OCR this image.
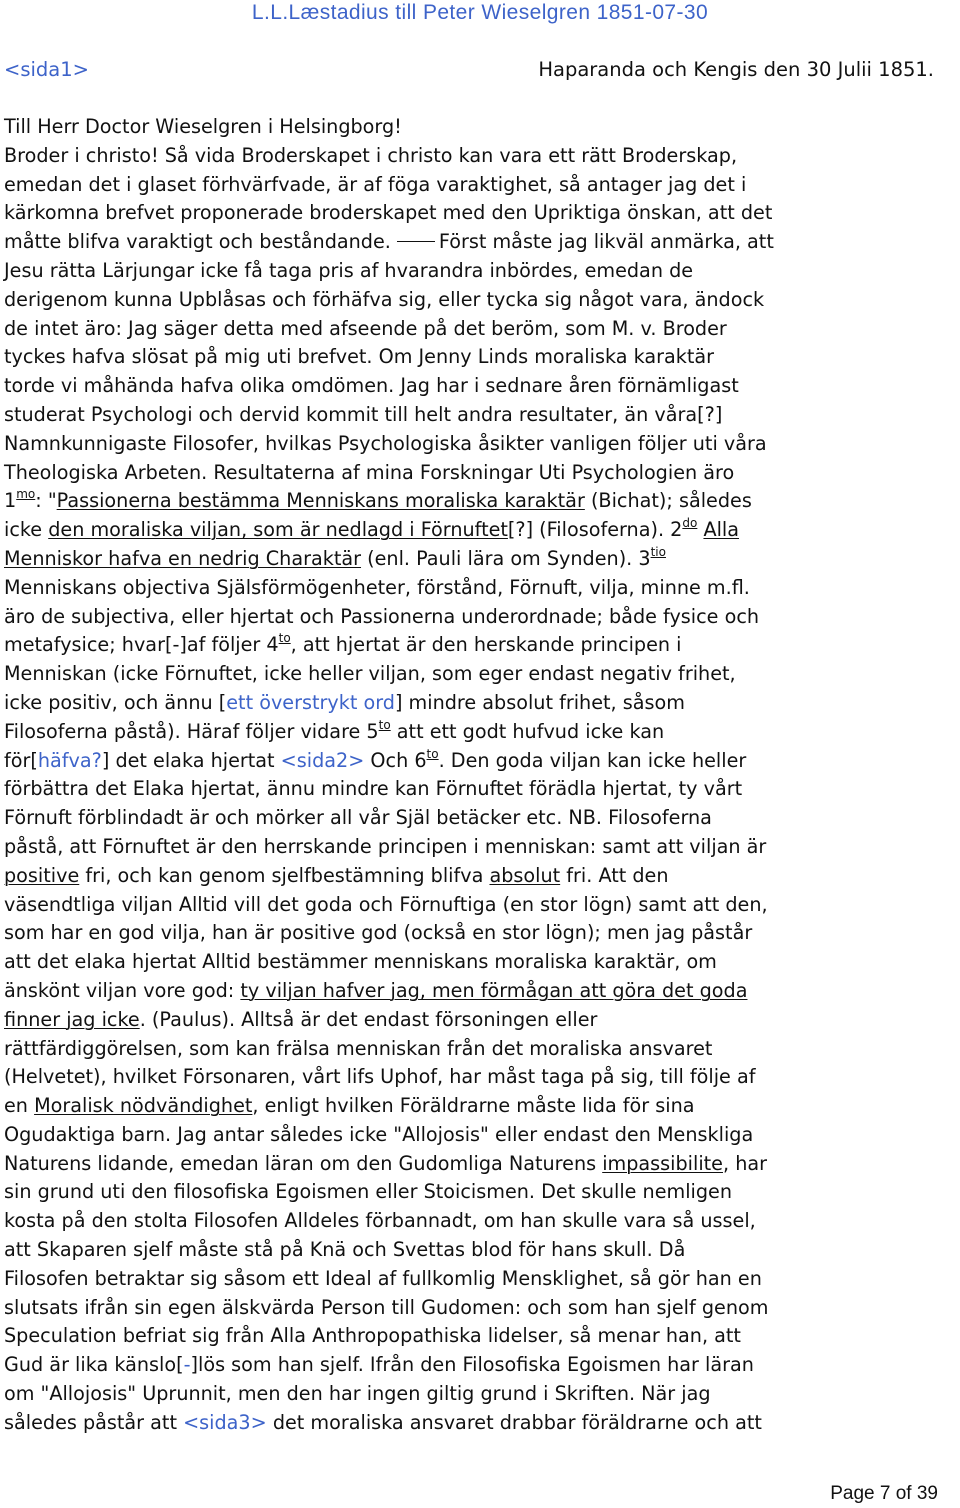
L.L.Læstadius till Peter Wieselgren 1851-07-30
<sida1>	Haparanda och Kengis den 30 Julii 1851.
Till Herr Doctor Wieselgren i Helsingborg!
Broder i christo! Så vida Broderskapet i christo kan vara ett rätt Broderskap,
emedan det i glaset förhvärfvade, är af föga varaktighet, så antager jag det i
kärkomna brefvet proponerade broderskapet med den Upriktiga önskan, att det
måtte blifva varaktigt och beståndande.	Först måste jag likväl anmärka, att
Jesu rätta Lärjungar icke få taga pris af hvarandra inbördes, emedan de
derigenom kunna Upblåsas och förhäfva sig, eller tycka sig något vara, ändock
de intet äro: Jag säger detta med afseende på det beröm, som M. v. Broder
tyckes hafva slösat på mig uti brefvet. Om Jenny Linds moraliska karaktär
torde vi måhända hafva olika omdömen. Jag har i sednare åren förnämligast
studerat Psychologi och dervid kommit till helt andra resultater, än våra[?]
Namnkunnigaste Filosofer, hvilkas Psychologiska åsikter vanligen följer uti våra
Theologiska Arbeten. Resultaterna af mina Forskningar Uti Psychologien äro
$1^{mo}$: "Passionerna bestämma Menniskans moraliska karaktär (Bichat); således
icke den moraliska viljan, som är nedlagd i Förnuftet[?] (Filosoferna). $2^{do}$ Alla
Menniskor hafva en nedrig Charaktär (enl. Pauli lära om Synden). $3^{tio}$
Menniskans objectiva Själsförmögenheter, förstånd, Förnuft, vilja, minne m.fl.
äro de subjectiva, eller hjertat och Passionerna underordnade; både fysice och
metafysice; hvar[-]af följer $4^{to}$, att hjertat är den herskande principen i
Menniskan (icke Förnuftet, icke heller viljan, som eger endast negativ frihet,
icke positiv, och ännu [ett överstrykt ord] mindre absolut frihet, såsom
Filosoferna påstå). Häraf följer vidare $5^{to}$ att ett godt hufvud icke kan
för[häfva?] det elaka hjertat <sida2> Och $6^{to}$. Den goda viljan kan icke heller
förbättra det Elaka hjertat, ännu mindre kan Förnuftet förädla hjertat, ty vårt
Förnuft förblindadt är och mörker all vår Själ betäcker etc. NB. Filosoferna
påstå, att Förnuftet är den herrskande principen i menniskan: samt att viljan är
positive fri, och kan genom sjelfbestämning blifva absolut fri. Att den
väsendtliga viljan Alltid vill det goda och Förnuftiga (en stor lögn) samt att den,
som har en god vilja, han är positive god (också en stor lögn); men jag påstår
att det elaka hjertat Alltid bestämmer menniskans moraliska karaktär, om
änskönt viljan vore god: ty viljan hafver jag, men förmågan att göra det goda
finner jag icke. (Paulus). Alltså är det endast försoningen eller
rättfärdiggörelsen, som kan frälsa menniskan från det moraliska ansvaret
(Helvetet), hvilket Försonaren, vårt lifs Uphof, har måst taga på sig, till följe af
en Moralisk nödvändighet, enligt hvilken Föräldrarne måste lida för sina
Ogudaktiga barn. Jag antar således icke "Allojosis" eller endast den Menskliga
Naturens lidande, emedan läran om den Gudomliga Naturens impassibilite, har
sin grund uti den filosofiska Egoismen eller Stoicismen. Det skulle nemligen
kosta på den stolta Filosofen Alldeles förbannadt, om han skulle vara så ussel,
att Skaparen sjelf måste stå på Knä och Svettas blod för hans skull. Då
Filosofen betraktar sig såsom ett Ideal af fullkomlig Mensklighet, så gör han en
slutsats ifrån sin egen älskvärda Person till Gudomen: och som han sjelf genom
Speculation befriat sig från Alla Anthropopathiska lidelser, så menar han, att
Gud är lika känslo[-]lös som han sjelf. Ifrån den Filosofiska Egoismen har läran
om "Allojosis" Uprunnit, men den har ingen giltig grund i Skriften. När jag
således påstår att <sida3> det moraliska ansvaret drabbar föräldrarne och att
Page 7 of 39
